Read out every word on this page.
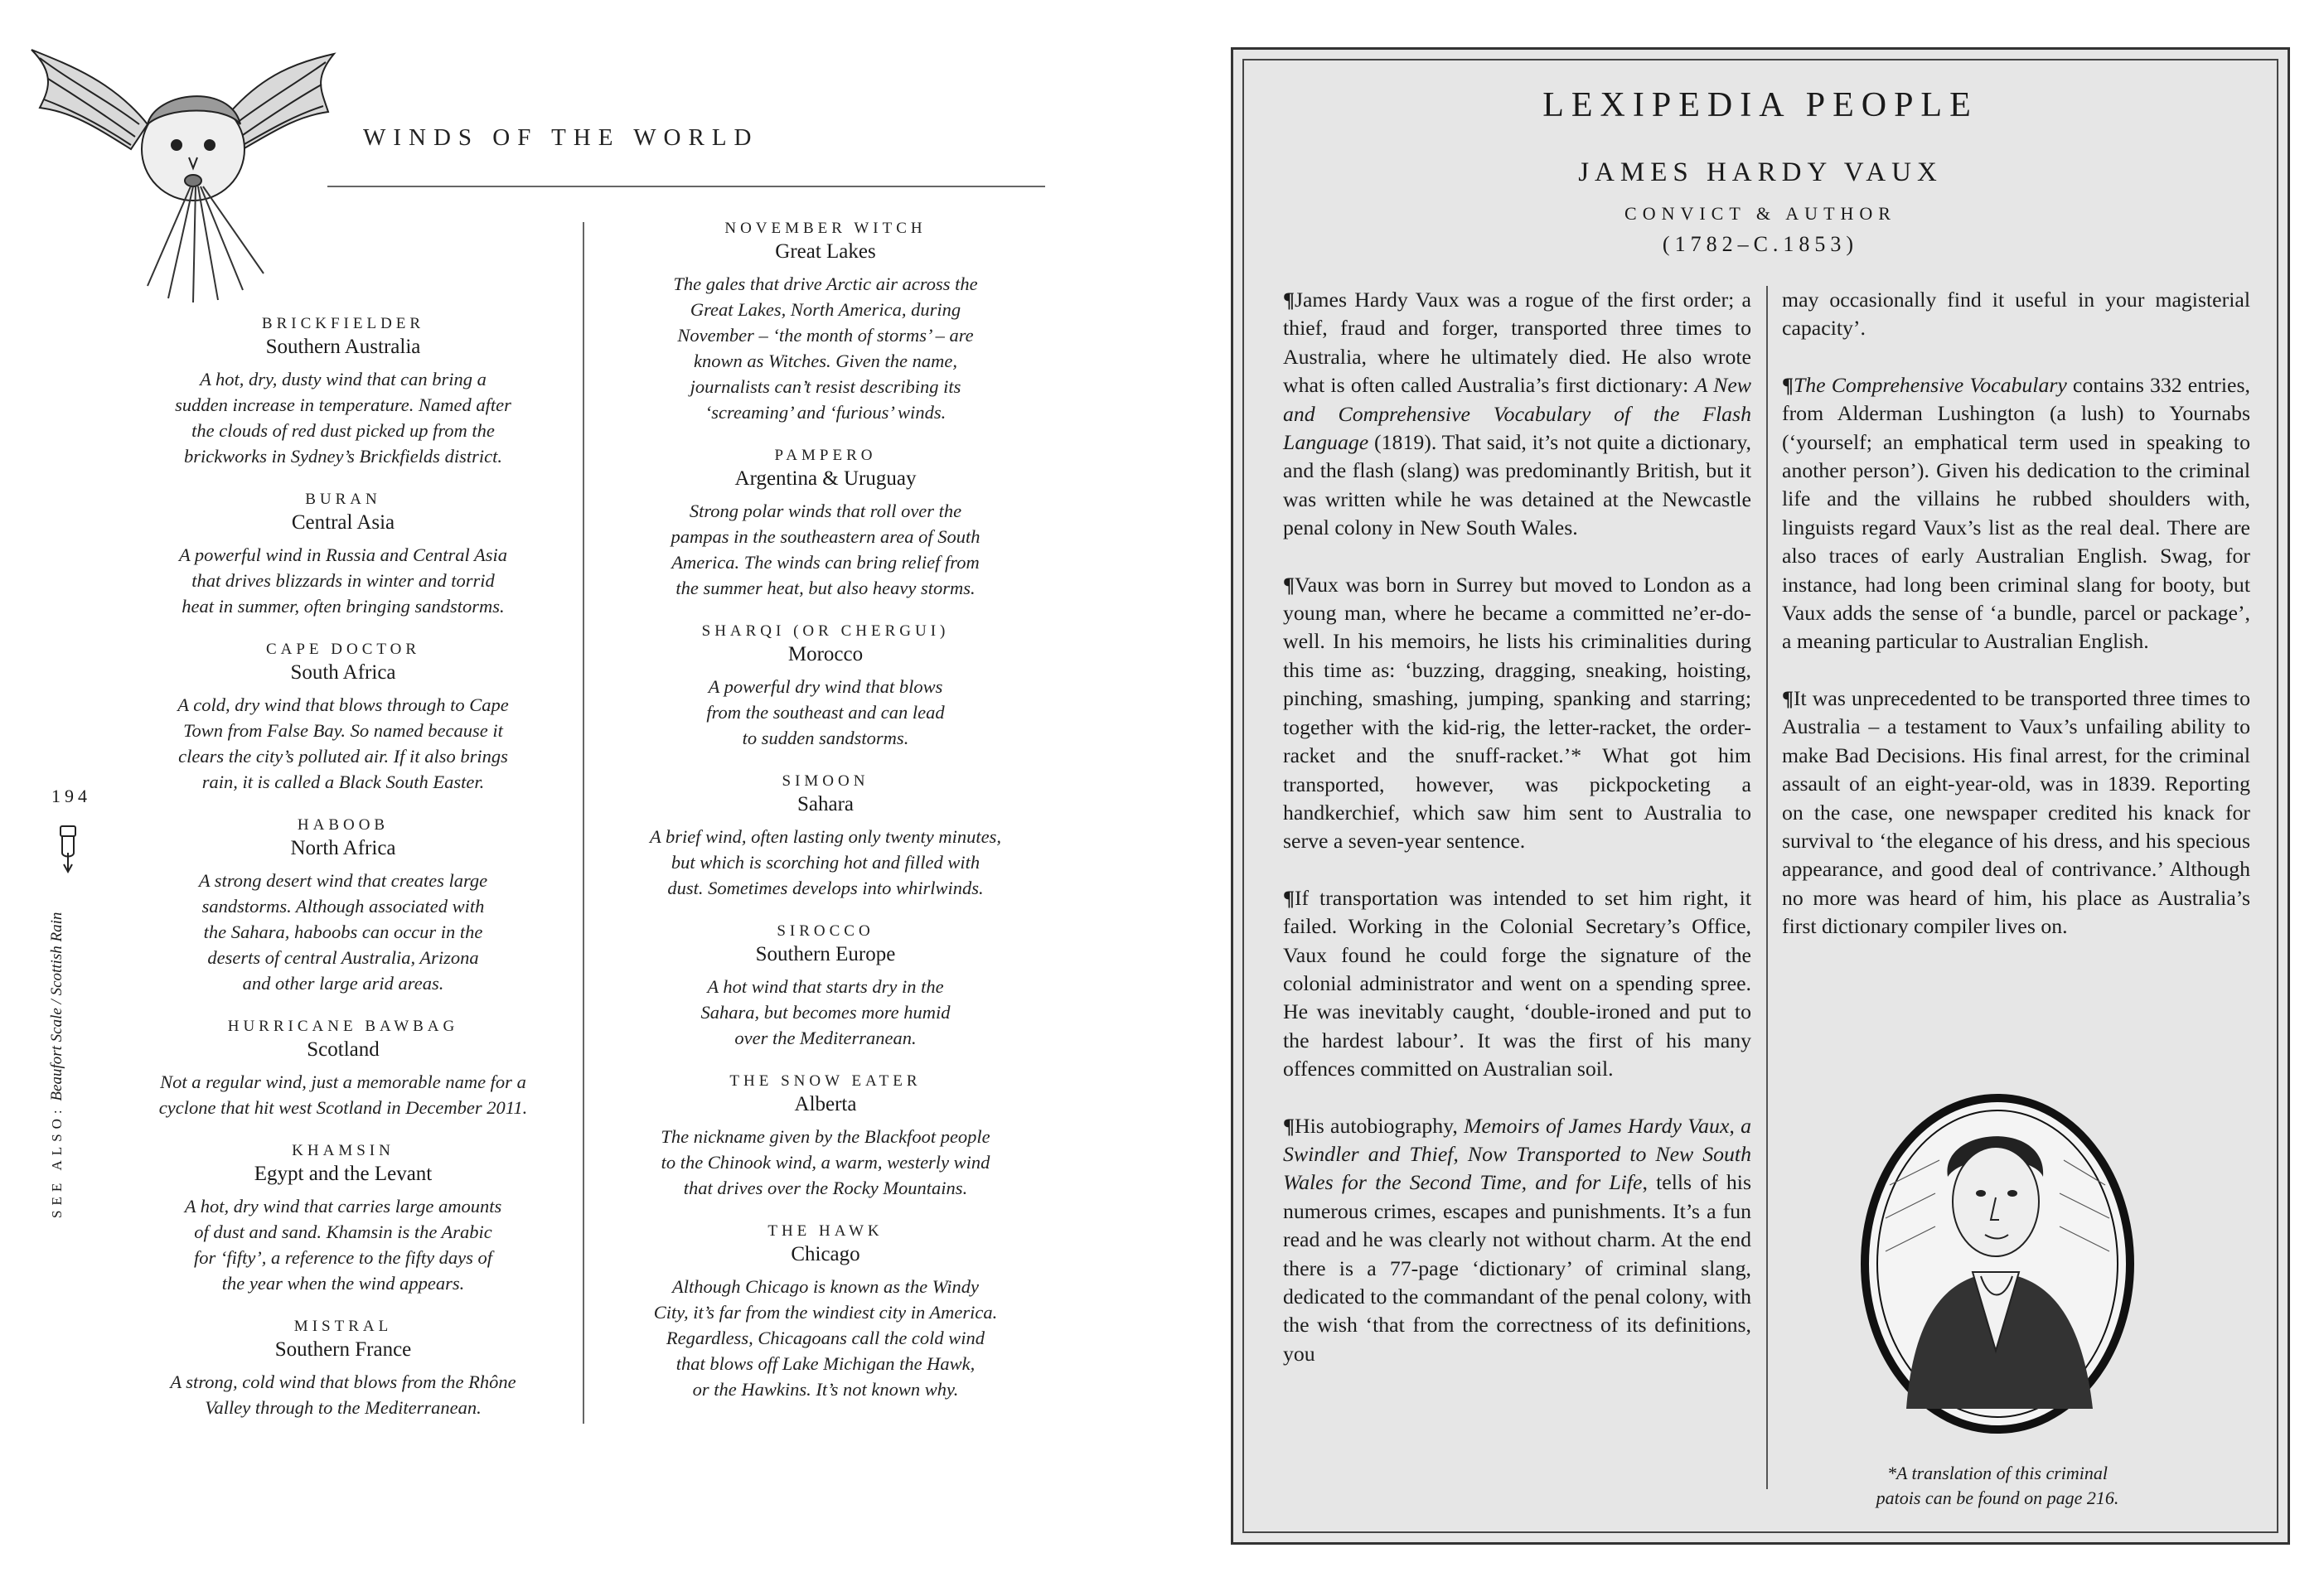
WINDS OF THE WORLD
BRICKFIELDER
Southern Australia
A hot, dry, dusty wind that can bring a
sudden increase in temperature. Named after
the clouds of red dust picked up from the
brickworks in Sydney’s Brickfields district.
BURAN
Central Asia
A powerful wind in Russia and Central Asia
that drives blizzards in winter and torrid
heat in summer, often bringing sandstorms.
CAPE DOCTOR
South Africa
A cold, dry wind that blows through to Cape
Town from False Bay. So named because it
clears the city’s polluted air. If it also brings
rain, it is called a Black South Easter.
HABOOB
North Africa
A strong desert wind that creates large
sandstorms. Although associated with
the Sahara, haboobs can occur in the
deserts of central Australia, Arizona
and other large arid areas.
HURRICANE BAWBAG
Scotland
Not a regular wind, just a memorable name for a
cyclone that hit west Scotland in December 2011.
KHAMSIN
Egypt and the Levant
A hot, dry wind that carries large amounts
of dust and sand. Khamsin is the Arabic
for ‘fifty’, a reference to the fifty days of
the year when the wind appears.
MISTRAL
Southern France
A strong, cold wind that blows from the Rhône
Valley through to the Mediterranean.
NOVEMBER WITCH
Great Lakes
The gales that drive Arctic air across the
Great Lakes, North America, during
November – ‘the month of storms’ – are
known as Witches. Given the name,
journalists can’t resist describing its
‘screaming’ and ‘furious’ winds.
PAMPERO
Argentina & Uruguay
Strong polar winds that roll over the
pampas in the southeastern area of South
America. The winds can bring relief from
the summer heat, but also heavy storms.
SHARQI (OR CHERGUI)
Morocco
A powerful dry wind that blows
from the southeast and can lead
to sudden sandstorms.
SIMOON
Sahara
A brief wind, often lasting only twenty minutes,
but which is scorching hot and filled with
dust. Sometimes develops into whirlwinds.
SIROCCO
Southern Europe
A hot wind that starts dry in the
Sahara, but becomes more humid
over the Mediterranean.
THE SNOW EATER
Alberta
The nickname given by the Blackfoot people
to the Chinook wind, a warm, westerly wind
that drives over the Rocky Mountains.
THE HAWK
Chicago
Although Chicago is known as the Windy
City, it’s far from the windiest city in America.
Regardless, Chicagoans call the cold wind
that blows off Lake Michigan the Hawk,
or the Hawkins. It’s not known why.
194
SEE ALSO: Beaufort Scale / Scottish Rain
LEXIPEDIA PEOPLE
JAMES HARDY VAUX
CONVICT & AUTHOR
(1782–C.1853)

¶James Hardy Vaux was a rogue of the first order; a thief, fraud and forger, transported three times to Australia, where he ultimately died. He also wrote what is often called Australia’s first dictionary: A New and Comprehensive Vocabulary of the Flash Language (1819). That said, it’s not quite a dictionary, and the flash (slang) was predominantly British, but it was written while he was detained at the Newcastle penal colony in New South Wales.

¶Vaux was born in Surrey but moved to London as a young man, where he became a committed ne’er-do-well. In his memoirs, he lists his criminalities during this time as: ‘buzzing, dragging, sneaking, hoisting, pinching, smashing, jumping, spanking and starring; together with the kid-rig, the letter-racket, the order-racket and the snuff-racket.’* What got him transported, however, was pickpocketing a handkerchief, which saw him sent to Australia to serve a seven-year sentence.

¶If transportation was intended to set him right, it failed. Working in the Colonial Secretary’s Office, Vaux found he could forge the signature of the colonial administrator and went on a spending spree. He was inevitably caught, ‘double-ironed and put to the hardest labour’. It was the first of his many offences committed on Australian soil.

¶His autobiography, Memoirs of James Hardy Vaux, a Swindler and Thief, Now Transported to New South Wales for the Second Time, and for Life, tells of his numerous crimes, escapes and punishments. It’s a fun read and he was clearly not without charm. At the end there is a 77-page ‘dictionary’ of criminal slang, dedicated to the commandant of the penal colony, with the wish ‘that from the correctness of its definitions, you

may occasionally find it useful in your magisterial capacity’.

¶The Comprehensive Vocabulary contains 332 entries, from Alderman Lushington (a lush) to Yournabs (‘yourself; an emphatical term used in speaking to another person’). Given his dedication to the criminal life and the villains he rubbed shoulders with, linguists regard Vaux’s list as the real deal. There are also traces of early Australian English. Swag, for instance, had long been criminal slang for booty, but Vaux adds the sense of ‘a bundle, parcel or package’, a meaning particular to Australian English.

¶It was unprecedented to be transported three times to Australia – a testament to Vaux’s unfailing ability to make Bad Decisions. His final arrest, for the criminal assault of an eight-year-old, was in 1839. Reporting on the case, one newspaper credited his knack for survival to ‘the elegance of his dress, and his specious appearance, and good deal of contrivance.’ Although no more was heard of him, his place as Australia’s first dictionary compiler lives on.

*A translation of this criminal
patois can be found on page 216.
